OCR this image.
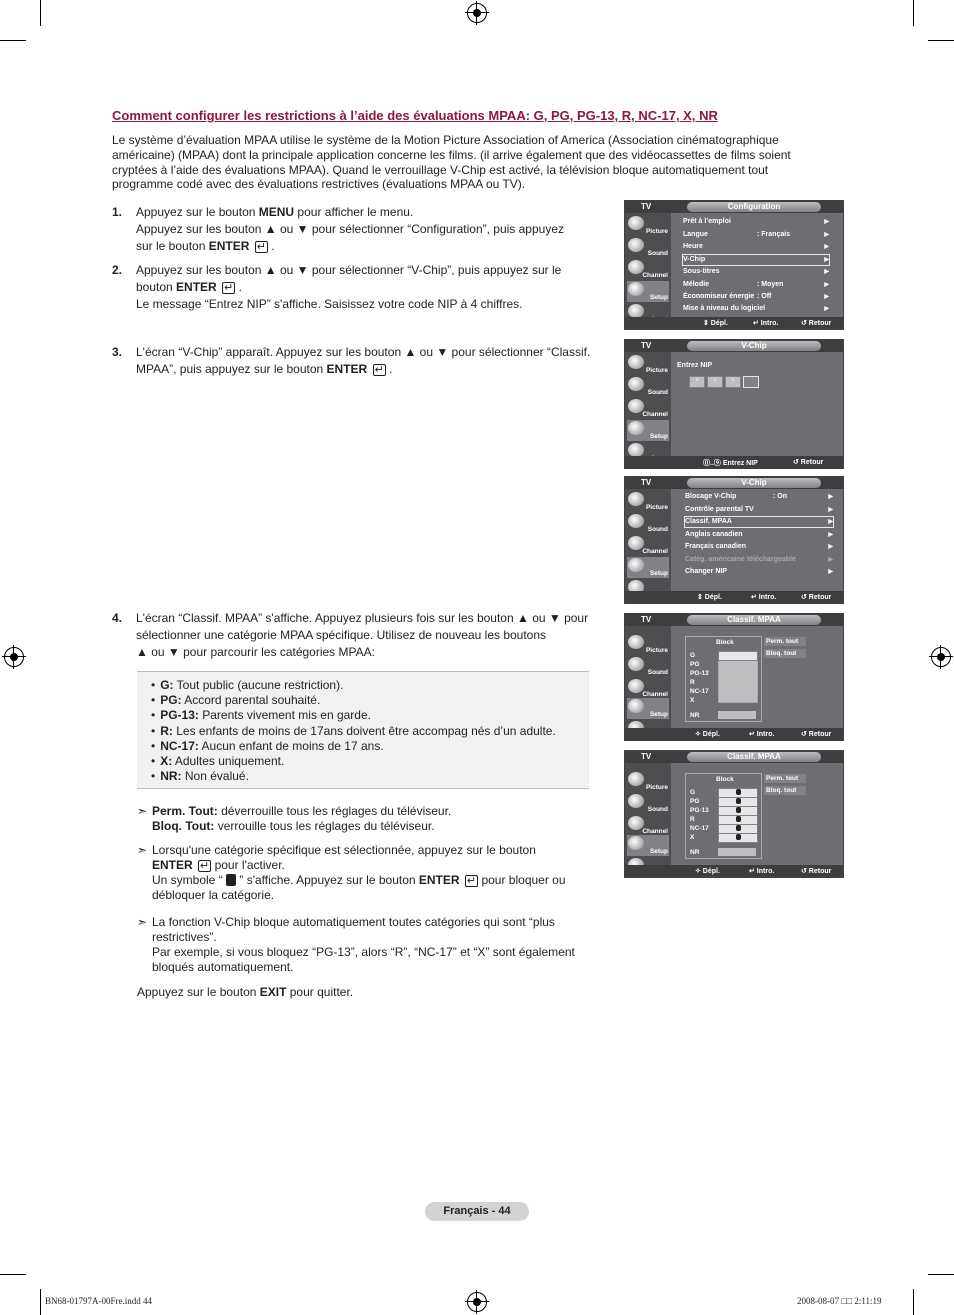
Comment configurer les restrictions à l’aide des évaluations MPAA: G, PG, PG-13, R, NC-17, X, NR
Le système d’évaluation MPAA utilise le système de la Motion Picture Association of America (Association cinématographique américaine) (MPAA) dont la principale application concerne les films. (il arrive également que des vidéocassettes de films soient cryptées à l’aide des évaluations MPAA). Quand le verrouillage V-Chip est activé, la télévision bloque automatiquement tout programme codé avec des évaluations restrictives (évaluations MPAA ou TV).
1. Appuyez sur le bouton MENU pour afficher le menu.
Appuyez sur les bouton ▲ ou ▼ pour sélectionner “Configuration”, puis appuyez
sur le bouton ENTER ↵ .
2. Appuyez sur les bouton ▲ ou ▼ pour sélectionner “V-Chip”, puis appuyez sur le
bouton ENTER ↵ .
Le message “Entrez NIP” s'affiche. Saisissez votre code NIP à 4 chiffres.
3. L'écran “V-Chip” apparaît. Appuyez sur les bouton ▲ ou ▼ pour sélectionner “Classif.
MPAA”, puis appuyez sur le bouton ENTER ↵ .
4. L'écran “Classif. MPAA” s'affiche. Appuyez plusieurs fois sur les bouton ▲ ou ▼ pour
sélectionner une catégorie MPAA spécifique. Utilisez de nouveau les boutons
▲ ou ▼ pour parcourir les catégories MPAA:
• G: Tout public (aucune restriction).
• PG: Accord parental souhaité.
• PG-13: Parents vivement mis en garde.
• R: Les enfants de moins de 17ans doivent être accompag nés d’un adulte.
• NC-17: Aucun enfant de moins de 17 ans.
• X: Adultes uniquement.
• NR: Non évalué.
➣ Perm. Tout: déverrouille tous les réglages du téléviseur.
Bloq. Tout: verrouille tous les réglages du téléviseur.
➣ Lorsqu'une catégorie spécifique est sélectionnée, appuyez sur le bouton
ENTER ↵ pour l'activer.
Un symbole “  ” s'affiche. Appuyez sur le bouton ENTER ↵ pour bloquer ou
débloquer la catégorie.
➣ La fonction V-Chip bloque automatiquement toutes catégories qui sont “plus
restrictives”.
Par exemple, si vous bloquez “PG-13”, alors “R”, “NC-17” et “X” sont également
bloqués automatiquement.
Appuyez sur le bouton EXIT pour quitter.
Français - 44
BN68-01797A-00Fre.indd 44	2008-08-07 □□ 2:11:19
TV	Configuration
Picture
Sound
Channel
Setup
Prêt à l’emploi	▶
Langue	: Français	▶
Heure	▶
V-Chip	▶
Sous-titres	▶
Mélodie	: Moyen	▶
Économiseur énergie : Off	▶
Mise à niveau du logiciel	▶
⇕ Dépl.	↵ Intro.	↺ Retour
TV	V-Chip
Picture
Sound
Channel
Setup
Entrez NIP
*	*	*
⓪..⑨ Entrez NIP	↺ Retour
TV	V-Chip
Picture
Sound
Channel
Setup
Blocage V-Chip	: On	▶
Contrôle parental TV	▶
Classif. MPAA	▶
Anglais canadien	▶
Français canadien	▶
Catég. américaine téléchargeable	▶
Changer NIP	▶
⇕ Dépl.	↵ Intro.	↺ Retour
TV	Classif. MPAA
Picture
Sound
Channel
Setup
Block
G
PG
PG-13
R
NC-17
X
NR
Perm. tout
Bloq. tout
✧ Dépl.	↵ Intro.	↺ Retour
TV	Classif. MPAA
Picture
Sound
Channel
Setup
Block
G
PG
PG-13
R
NC-17
X
NR
Perm. tout
Bloq. tout
✧ Dépl.	↵ Intro.	↺ Retour
